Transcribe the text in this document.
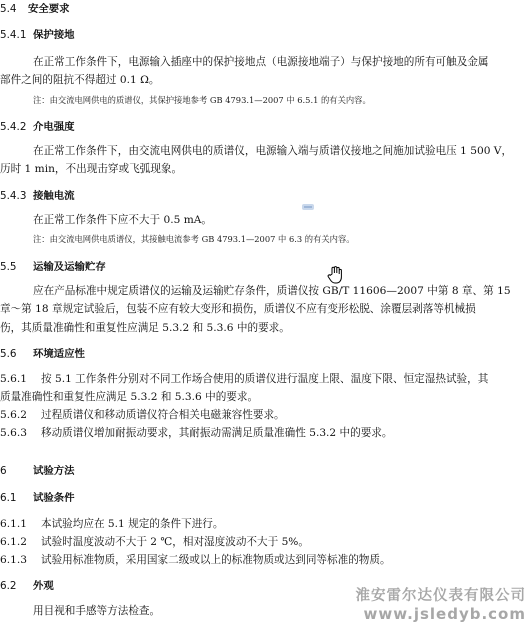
5.4 安全要求
5.4.1 保护接地
在正常工作条件下，电源输入插座中的保护接地点（电源接地端子）与保护接地的所有可触及金属
部件之间的阻抗不得超过 0.1 Ω。
注：由交流电网供电的质谱仪，其保护接地参考 GB 4793.1—2007 中 6.5.1 的有关内容。
5.4.2 介电强度
在正常工作条件下，由交流电网供电的质谱仪，电源输入端与质谱仪接地之间施加试验电压 1 500 V，
历时 1 min，不出现击穿或飞弧现象。
5.4.3 接触电流
在正常工作条件下应不大于 0.5 mA。
注：由交流电网供电质谱仪，其接触电流参考 GB 4793.1—2007 中 6.3 的有关内容。
5.5 运输及运输贮存
应在产品标准中规定质谱仪的运输及运输贮存条件，质谱仪按 GB/T 11606—2007 中第 8 章、第 15
章～第 18 章规定试验后，包装不应有较大变形和损伤，质谱仪不应有变形松脱、涂覆层剥落等机械损
伤，其质量准确性和重复性应满足 5.3.2 和 5.3.6 中的要求。
5.6 环境适应性
5.6.1 按 5.1 工作条件分别对不同工作场合使用的质谱仪进行温度上限、温度下限、恒定湿热试验，其
质量准确性和重复性应满足 5.3.2 和 5.3.6 中的要求。
5.6.2 过程质谱仪和移动质谱仪符合相关电磁兼容性要求。
5.6.3 移动质谱仪增加耐振动要求，其耐振动需满足质量准确性 5.3.2 中的要求。
6	试验方法
6.1 试验条件
6.1.1 本试验均应在 5.1 规定的条件下进行。
6.1.2 试验时温度波动不大于 2 ℃，相对湿度波动不大于 5%。
6.1.3 试验用标准物质，采用国家二级或以上的标准物质或达到同等标准的物质。
6.2 外观
用目视和手感等方法检查。
淮安雷尔达仪表有限公司
www.jsledyb.com
